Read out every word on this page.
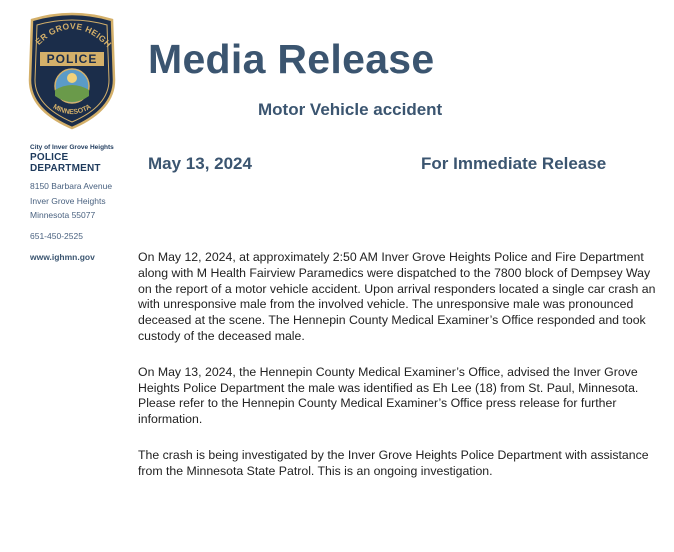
ER GROVE HEIGH
POLICE
MINNESOTA
Media Release
Motor Vehicle accident
City of Inver Grove Heights
POLICE DEPARTMENT
8150 Barbara Avenue
Inver Grove Heights
Minnesota 55077
651-450-2525
www.ighmn.gov
May 13, 2024	For Immediate Release

On May 12, 2024, at approximately 2:50 AM Inver Grove Heights Police and Fire Department along with M Health Fairview Paramedics were dispatched to the 7800 block of Dempsey Way on the report of a motor vehicle accident. Upon arrival responders located a single car crash an with unresponsive male from the involved vehicle. The unresponsive male was pronounced deceased at the scene. The Hennepin County Medical Examiner’s Office responded and took custody of the deceased male.

On May 13, 2024, the Hennepin County Medical Examiner’s Office, advised the Inver Grove Heights Police Department the male was identified as Eh Lee (18) from St. Paul, Minnesota. Please refer to the Hennepin County Medical Examiner’s Office press release for further information.

The crash is being investigated by the Inver Grove Heights Police Department with assistance from the Minnesota State Patrol. This is an ongoing investigation.
